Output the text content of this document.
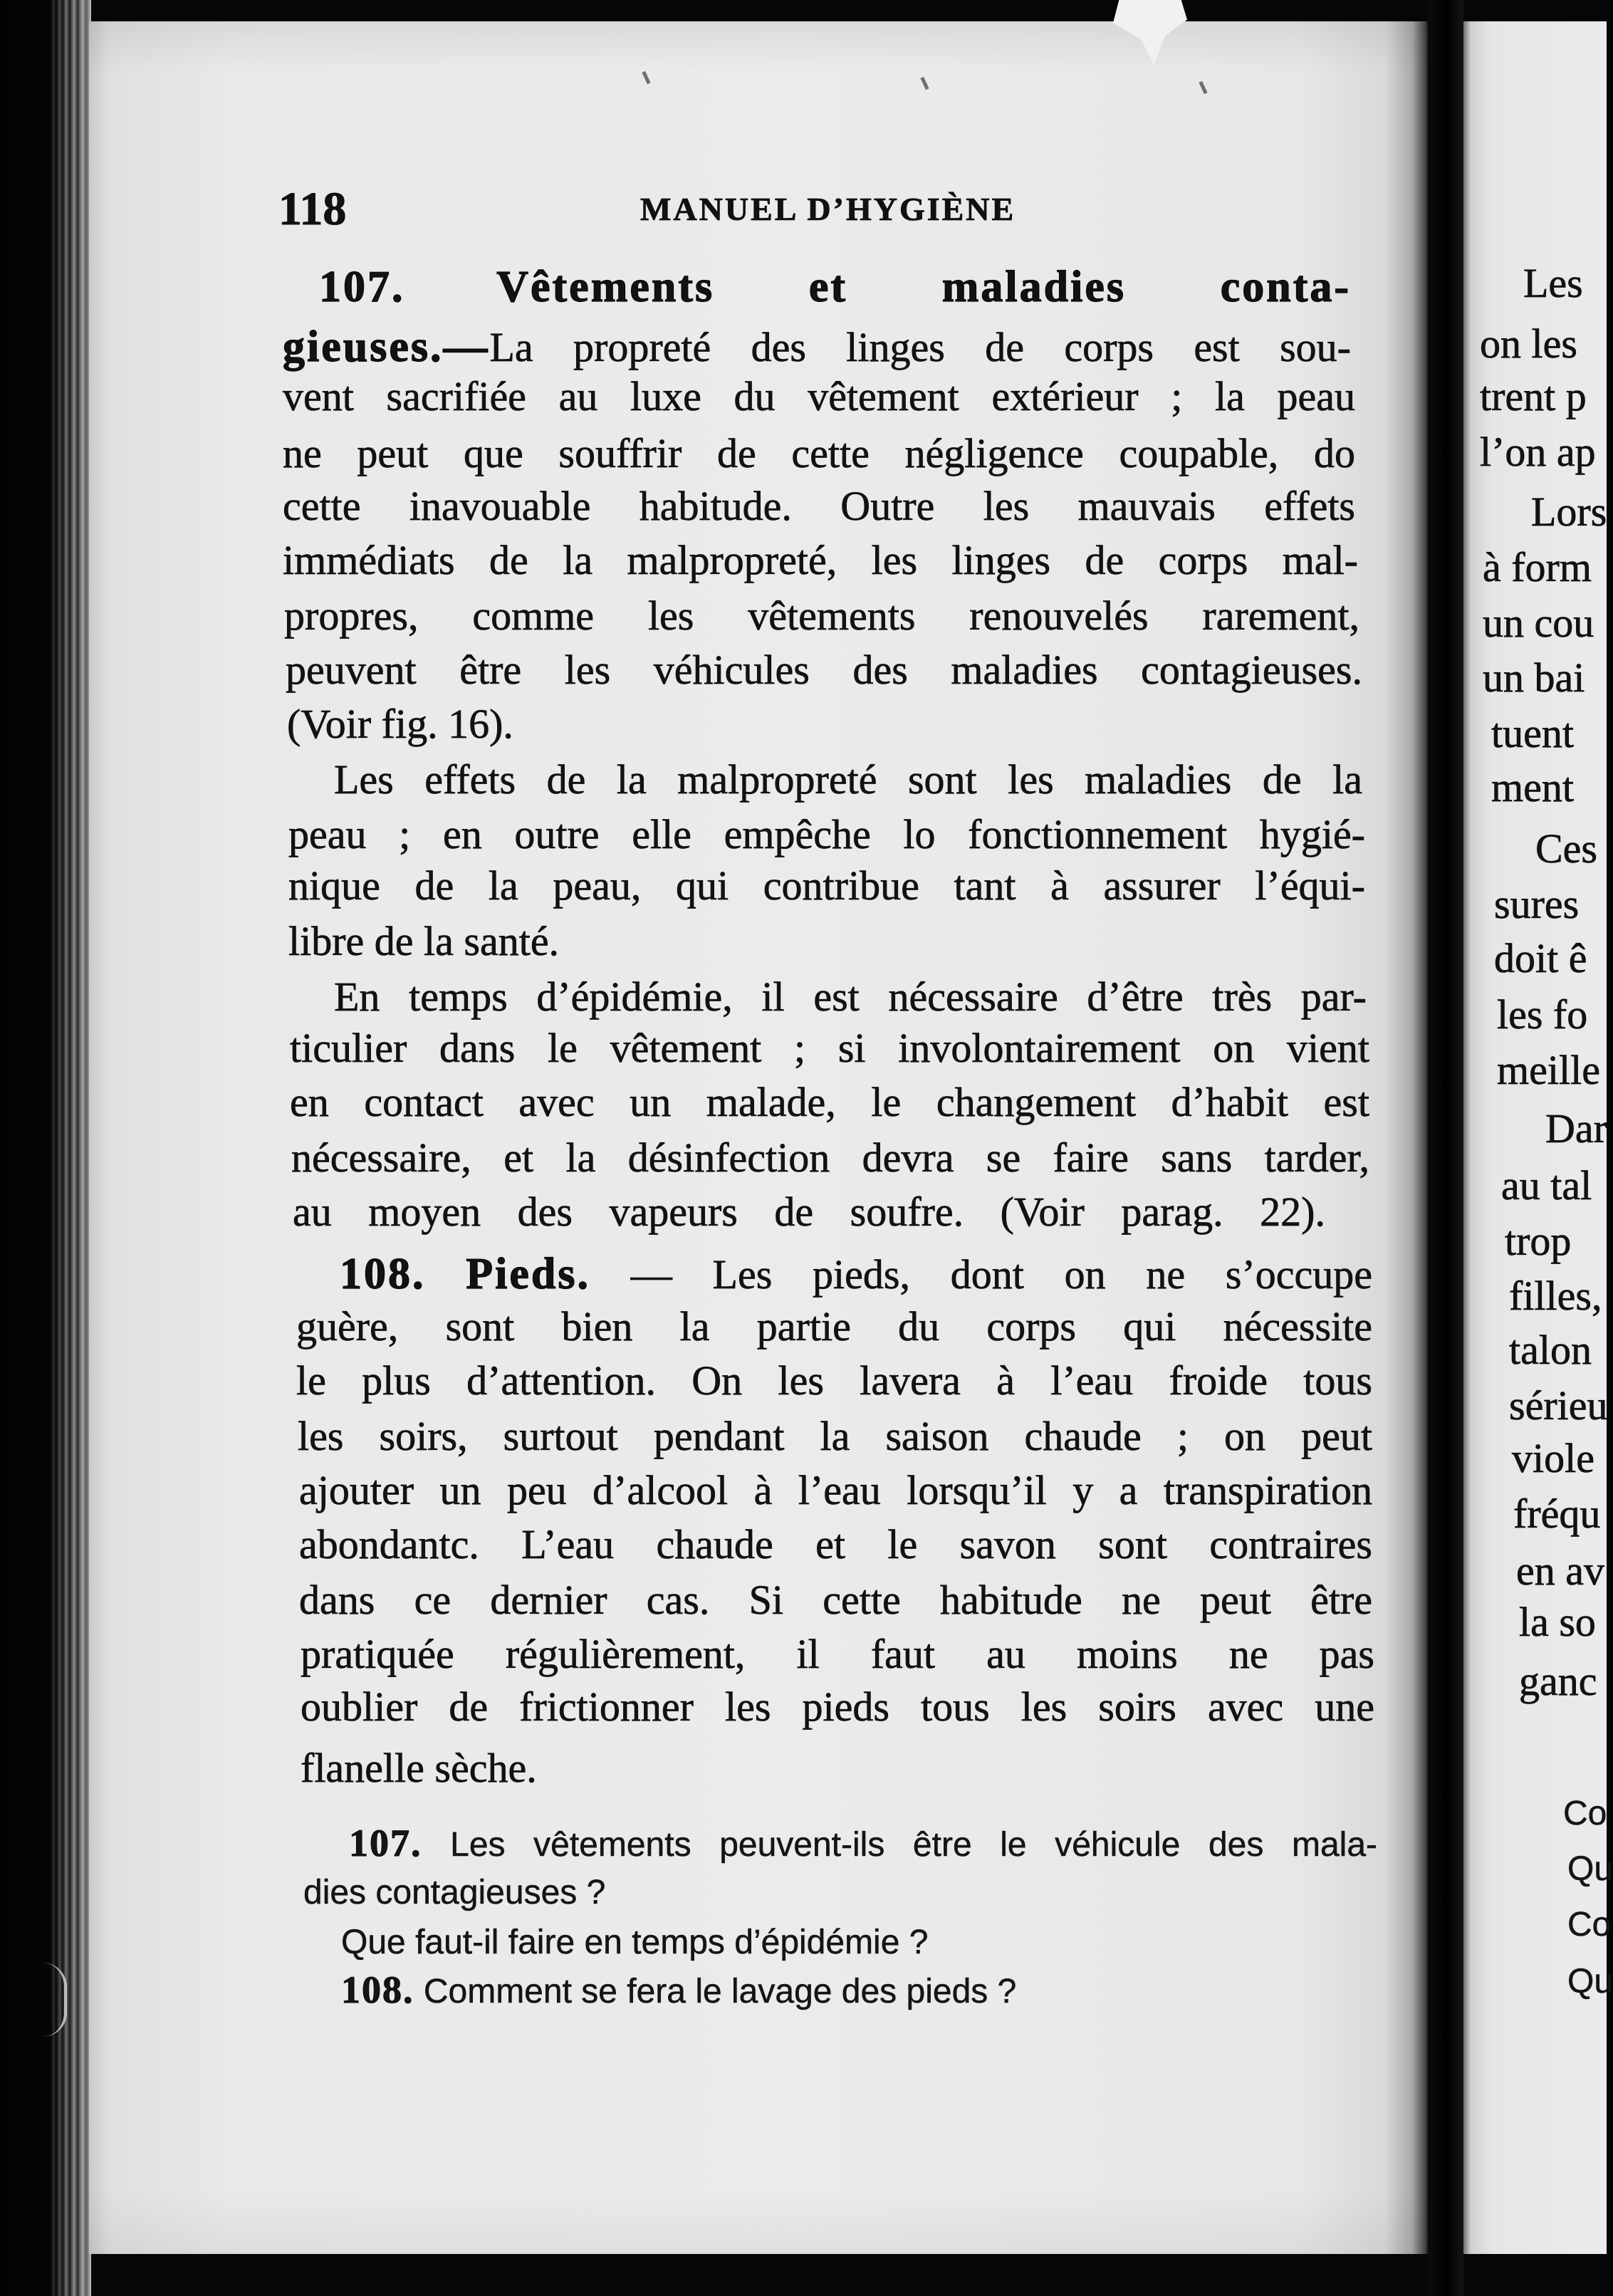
118	MANUEL D’HYGIÈNE
107. Vêtements et maladies conta-
gieuses.—La propreté des linges de corps est sou-
vent sacrifiée au luxe du vêtement extérieur ; la peau
ne peut que souffrir de cette négligence coupable, do
cette inavouable habitude. Outre les mauvais effets
immédiats de la malpropreté, les linges de corps mal-
propres, comme les vêtements renouvelés rarement,
peuvent être les véhicules des maladies contagieuses.
(Voir fig. 16).
Les effets de la malpropreté sont les maladies de la
peau ; en outre elle empêche lo fonctionnement hygié-
nique de la peau, qui contribue tant à assurer l’équi-
libre de la santé.
En temps d’épidémie, il est nécessaire d’être très par-
ticulier dans le vêtement ; si involontairement on vient
en contact avec un malade, le changement d’habit est
nécessaire, et la désinfection devra se faire sans tarder,
au moyen des vapeurs de soufre. (Voir parag. 22).
108. Pieds. — Les pieds, dont on ne s’occupe
guère, sont bien la partie du corps qui nécessite
le plus d’attention. On les lavera à l’eau froide tous
les soirs, surtout pendant la saison chaude ; on peut
ajouter un peu d’alcool à l’eau lorsqu’il y a transpiration
abondantc. L’eau chaude et le savon sont contraires
dans ce dernier cas. Si cette habitude ne peut être
pratiquée régulièrement, il faut au moins ne pas
oublier de frictionner les pieds tous les soirs avec une
flanelle sèche.
107. Les vêtements peuvent-ils être le véhicule des mala-
dies contagieuses ?
Que faut-il faire en temps d’épidémie ?
108. Comment se fera le lavage des pieds ?
Les
on les
trent p
l’on ap
Lors
à form
un cou
un bai
tuent
ment
Ces
sures
doit ê
les fo
meille
Dar
au tal
trop
filles,
talon
sérieu
viole
fréqu
en av
la so
ganc
Co
Qu
Co
Qu
